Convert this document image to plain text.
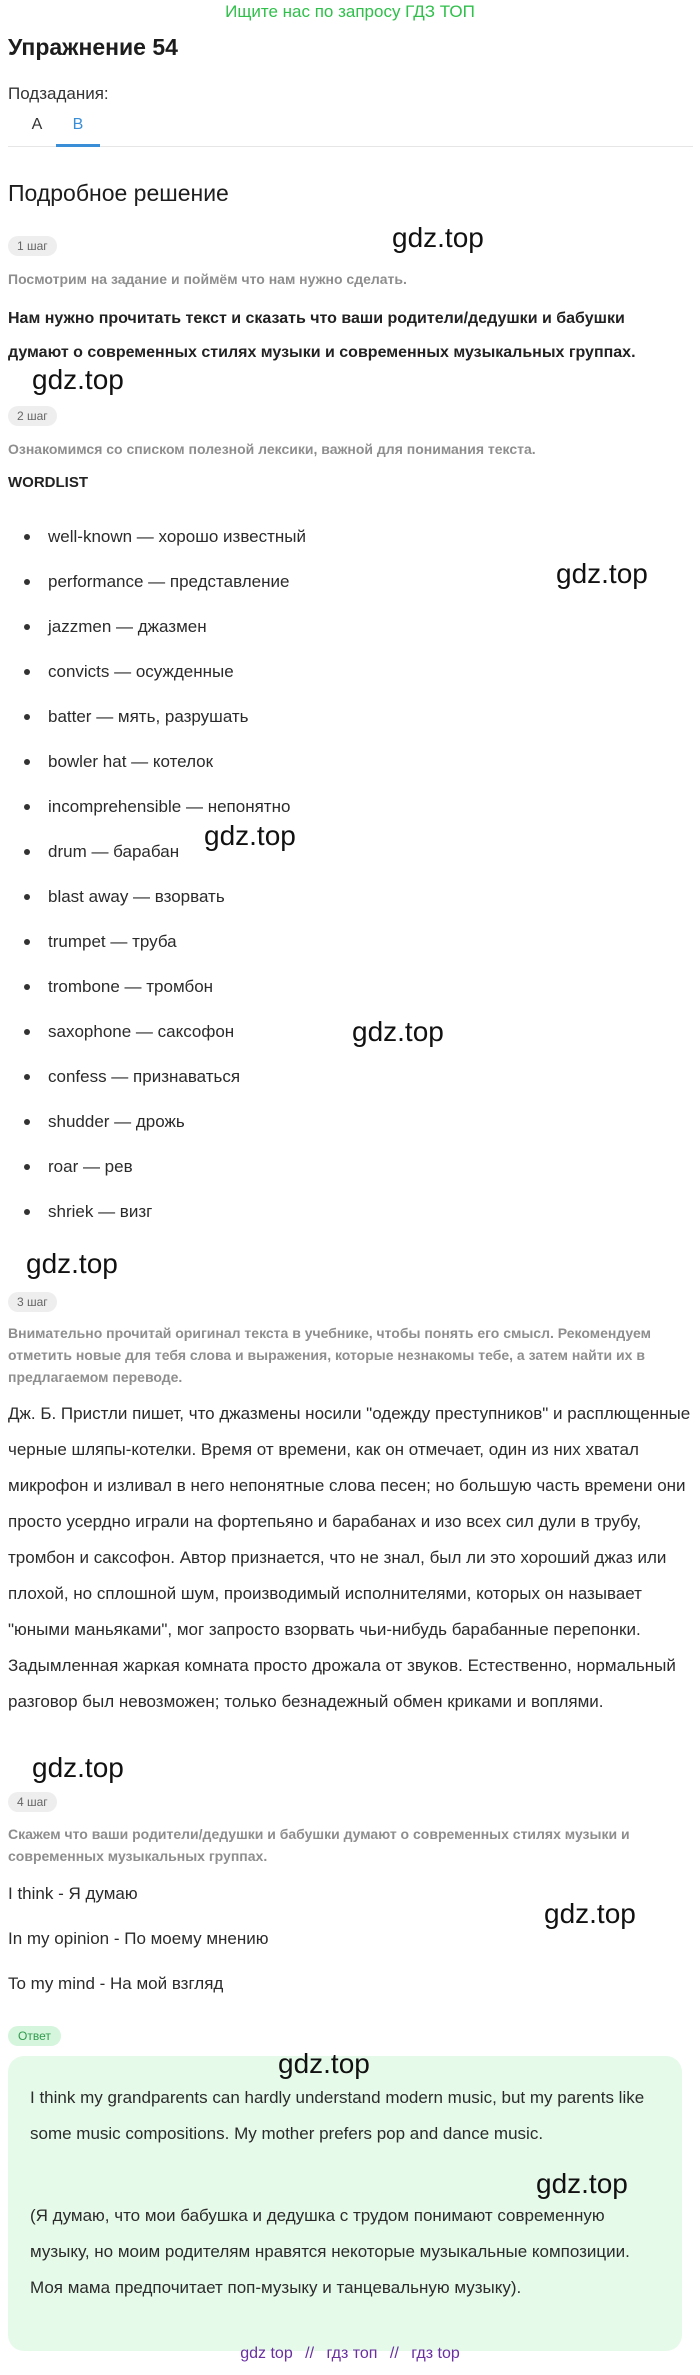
Ищите нас по запросу ГДЗ ТОП
Упражнение 54
Подзадания:
A	B
Подробное решение
1 шаг
Посмотрим на задание и поймём что нам нужно сделать.
Нам нужно прочитать текст и сказать что ваши родители/дедушки и бабушки думают о современных стилях музыки и современных музыкальных группах.
2 шаг
Ознакомимся со списком полезной лексики, важной для понимания текста.
WORDLIST
well-known — хорошо известный
performance — представление
jazzmen — джазмен
convicts — осужденные
batter — мять, разрушать
bowler hat — котелок
incomprehensible — непонятно
drum — барабан
blast away — взорвать
trumpet — труба
trombone — тромбон
saxophone — саксофон
confess — признаваться
shudder — дрожь
roar — рев
shriek — визг
3 шаг
Внимательно прочитай оригинал текста в учебнике, чтобы понять его смысл. Рекомендуем отметить новые для тебя слова и выражения, которые незнакомы тебе, а затем найти их в предлагаемом переводе.
Дж. Б. Пристли пишет, что джазмены носили "одежду преступников" и расплющенные черные шляпы-котелки. Время от времени, как он отмечает, один из них хватал микрофон и изливал в него непонятные слова песен; но большую часть времени они просто усердно играли на фортепьяно и барабанах и изо всех сил дули в трубу, тромбон и саксофон. Автор признается, что не знал, был ли это хороший джаз или плохой, но сплошной шум, производимый исполнителями, которых он называет "юными маньяками", мог запросто взорвать чьи-нибудь барабанные перепонки. Задымленная жаркая комната просто дрожала от звуков. Естественно, нормальный разговор был невозможен; только безнадежный обмен криками и воплями.
4 шаг
Скажем что ваши родители/дедушки и бабушки думают о современных стилях музыки и современных музыкальных группах.
I think - Я думаю
In my opinion - По моему мнению
To my mind - На мой взгляд
Ответ
I think my grandparents can hardly understand modern music, but my parents like some music compositions. My mother prefers pop and dance music.
(Я думаю, что мои бабушка и дедушка с трудом понимают современную музыку, но моим родителям нравятся некоторые музыкальные композиции. Моя мама предпочитает поп-музыку и танцевальную музыку).
gdz.top
gdz.top
gdz.top
gdz.top
gdz.top
gdz.top
gdz.top
gdz.top
gdz.top
gdz.top
gdz top // гдз топ // гдз top
